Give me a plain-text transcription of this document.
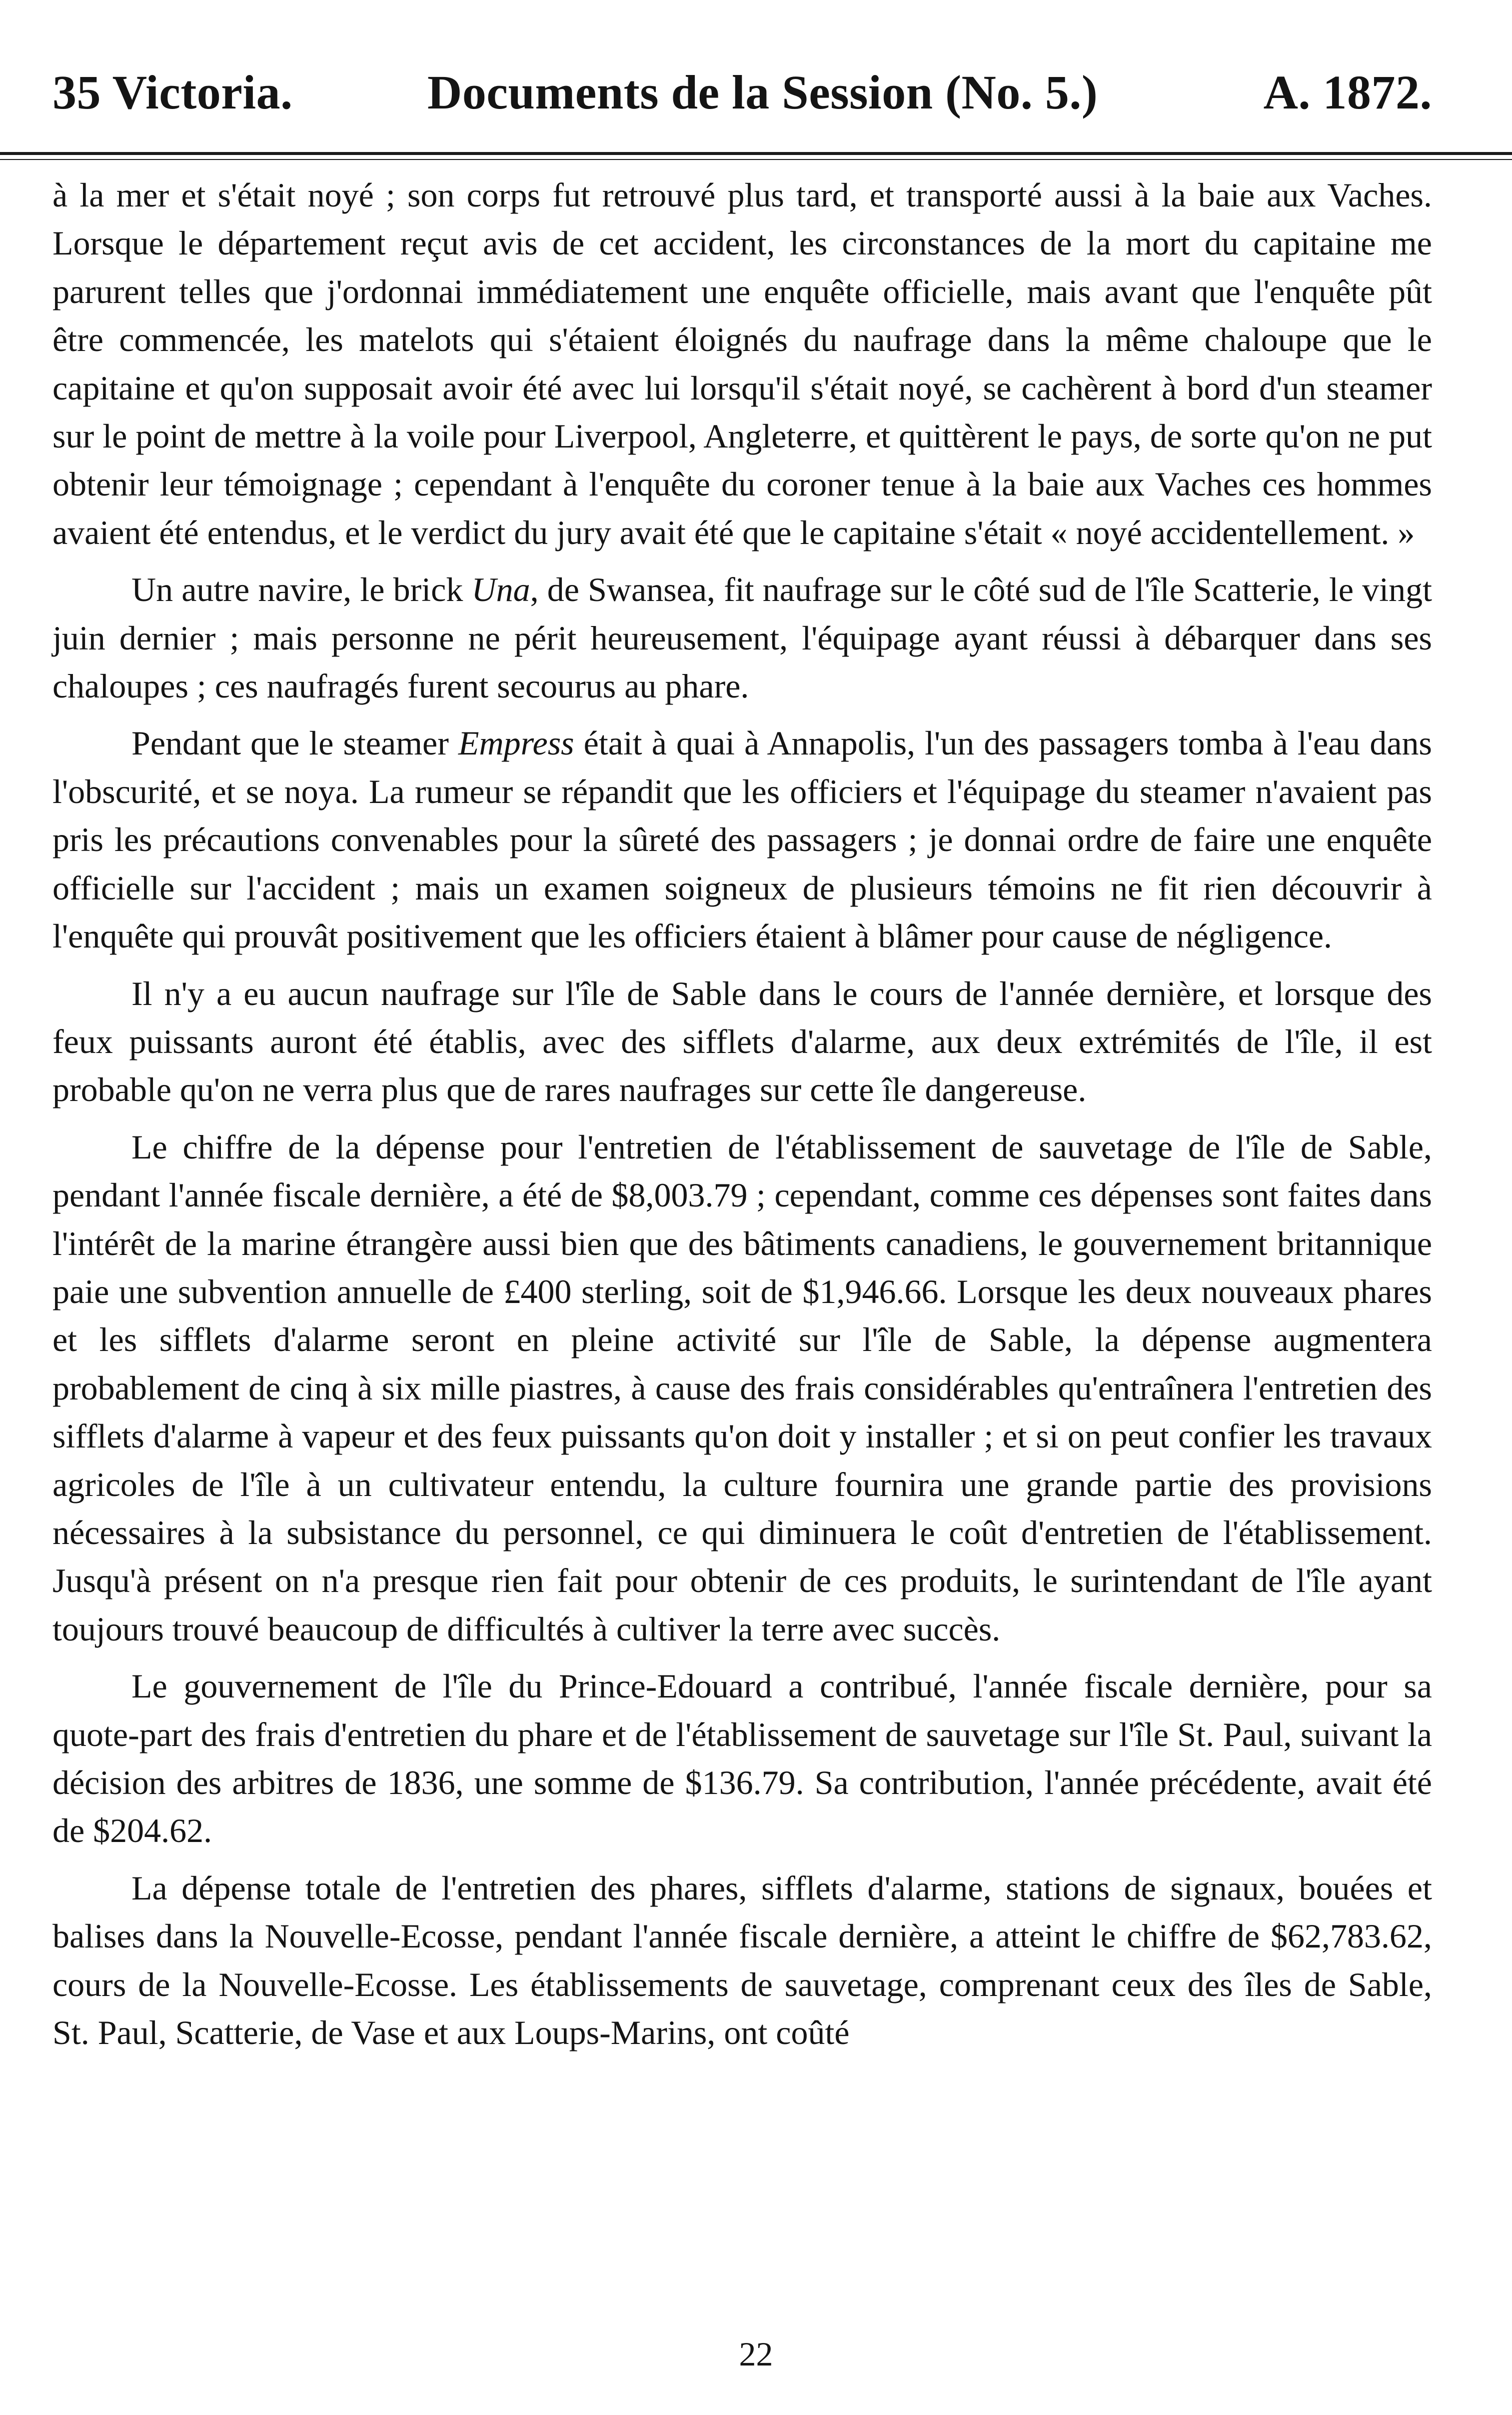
35 Victoria.	Documents de la Session (No. 5.)	A. 1872.

à la mer et s'était noyé ; son corps fut retrouvé plus tard, et transporté aussi à la baie aux Vaches. Lorsque le département reçut avis de cet accident, les circonstances de la mort du capitaine me parurent telles que j'ordonnai immédiatement une enquête officielle, mais avant que l'enquête pût être commencée, les matelots qui s'étaient éloignés du naufrage dans la même chaloupe que le capitaine et qu'on supposait avoir été avec lui lorsqu'il s'était noyé, se cachèrent à bord d'un steamer sur le point de mettre à la voile pour Liverpool, Angleterre, et quittèrent le pays, de sorte qu'on ne put obtenir leur témoignage ; cependant à l'enquête du coroner tenue à la baie aux Vaches ces hommes avaient été entendus, et le verdict du jury avait été que le capitaine s'était « noyé accidentellement. »

Un autre navire, le brick Una, de Swansea, fit naufrage sur le côté sud de l'île Scatterie, le vingt juin dernier ; mais personne ne périt heureusement, l'équipage ayant réussi à débarquer dans ses chaloupes ; ces naufragés furent secourus au phare.

Pendant que le steamer Empress était à quai à Annapolis, l'un des passagers tomba à l'eau dans l'obscurité, et se noya. La rumeur se répandit que les officiers et l'équipage du steamer n'avaient pas pris les précautions convenables pour la sûreté des passagers ; je donnai ordre de faire une enquête officielle sur l'accident ; mais un examen soigneux de plusieurs témoins ne fit rien découvrir à l'enquête qui prouvât positivement que les officiers étaient à blâmer pour cause de négligence.

Il n'y a eu aucun naufrage sur l'île de Sable dans le cours de l'année dernière, et lorsque des feux puissants auront été établis, avec des sifflets d'alarme, aux deux extrémités de l'île, il est probable qu'on ne verra plus que de rares naufrages sur cette île dangereuse.

Le chiffre de la dépense pour l'entretien de l'établissement de sauvetage de l'île de Sable, pendant l'année fiscale dernière, a été de $8,003.79 ; cependant, comme ces dépenses sont faites dans l'intérêt de la marine étrangère aussi bien que des bâtiments canadiens, le gouvernement britannique paie une subvention annuelle de £400 sterling, soit de $1,946.66. Lorsque les deux nouveaux phares et les sifflets d'alarme seront en pleine activité sur l'île de Sable, la dépense augmentera probablement de cinq à six mille piastres, à cause des frais considérables qu'entraînera l'entretien des sifflets d'alarme à vapeur et des feux puissants qu'on doit y installer ; et si on peut confier les travaux agricoles de l'île à un cultivateur entendu, la culture fournira une grande partie des provisions nécessaires à la subsistance du personnel, ce qui diminuera le coût d'entretien de l'établissement. Jusqu'à présent on n'a presque rien fait pour obtenir de ces produits, le surintendant de l'île ayant toujours trouvé beaucoup de difficultés à cultiver la terre avec succès.

Le gouvernement de l'île du Prince-Edouard a contribué, l'année fiscale dernière, pour sa quote-part des frais d'entretien du phare et de l'établissement de sauvetage sur l'île St. Paul, suivant la décision des arbitres de 1836, une somme de $136.79. Sa contribution, l'année précédente, avait été de $204.62.

La dépense totale de l'entretien des phares, sifflets d'alarme, stations de signaux, bouées et balises dans la Nouvelle-Ecosse, pendant l'année fiscale dernière, a atteint le chiffre de $62,783.62, cours de la Nouvelle-Ecosse. Les établissements de sauvetage, comprenant ceux des îles de Sable, St. Paul, Scatterie, de Vase et aux Loups-Marins, ont coûté

22
